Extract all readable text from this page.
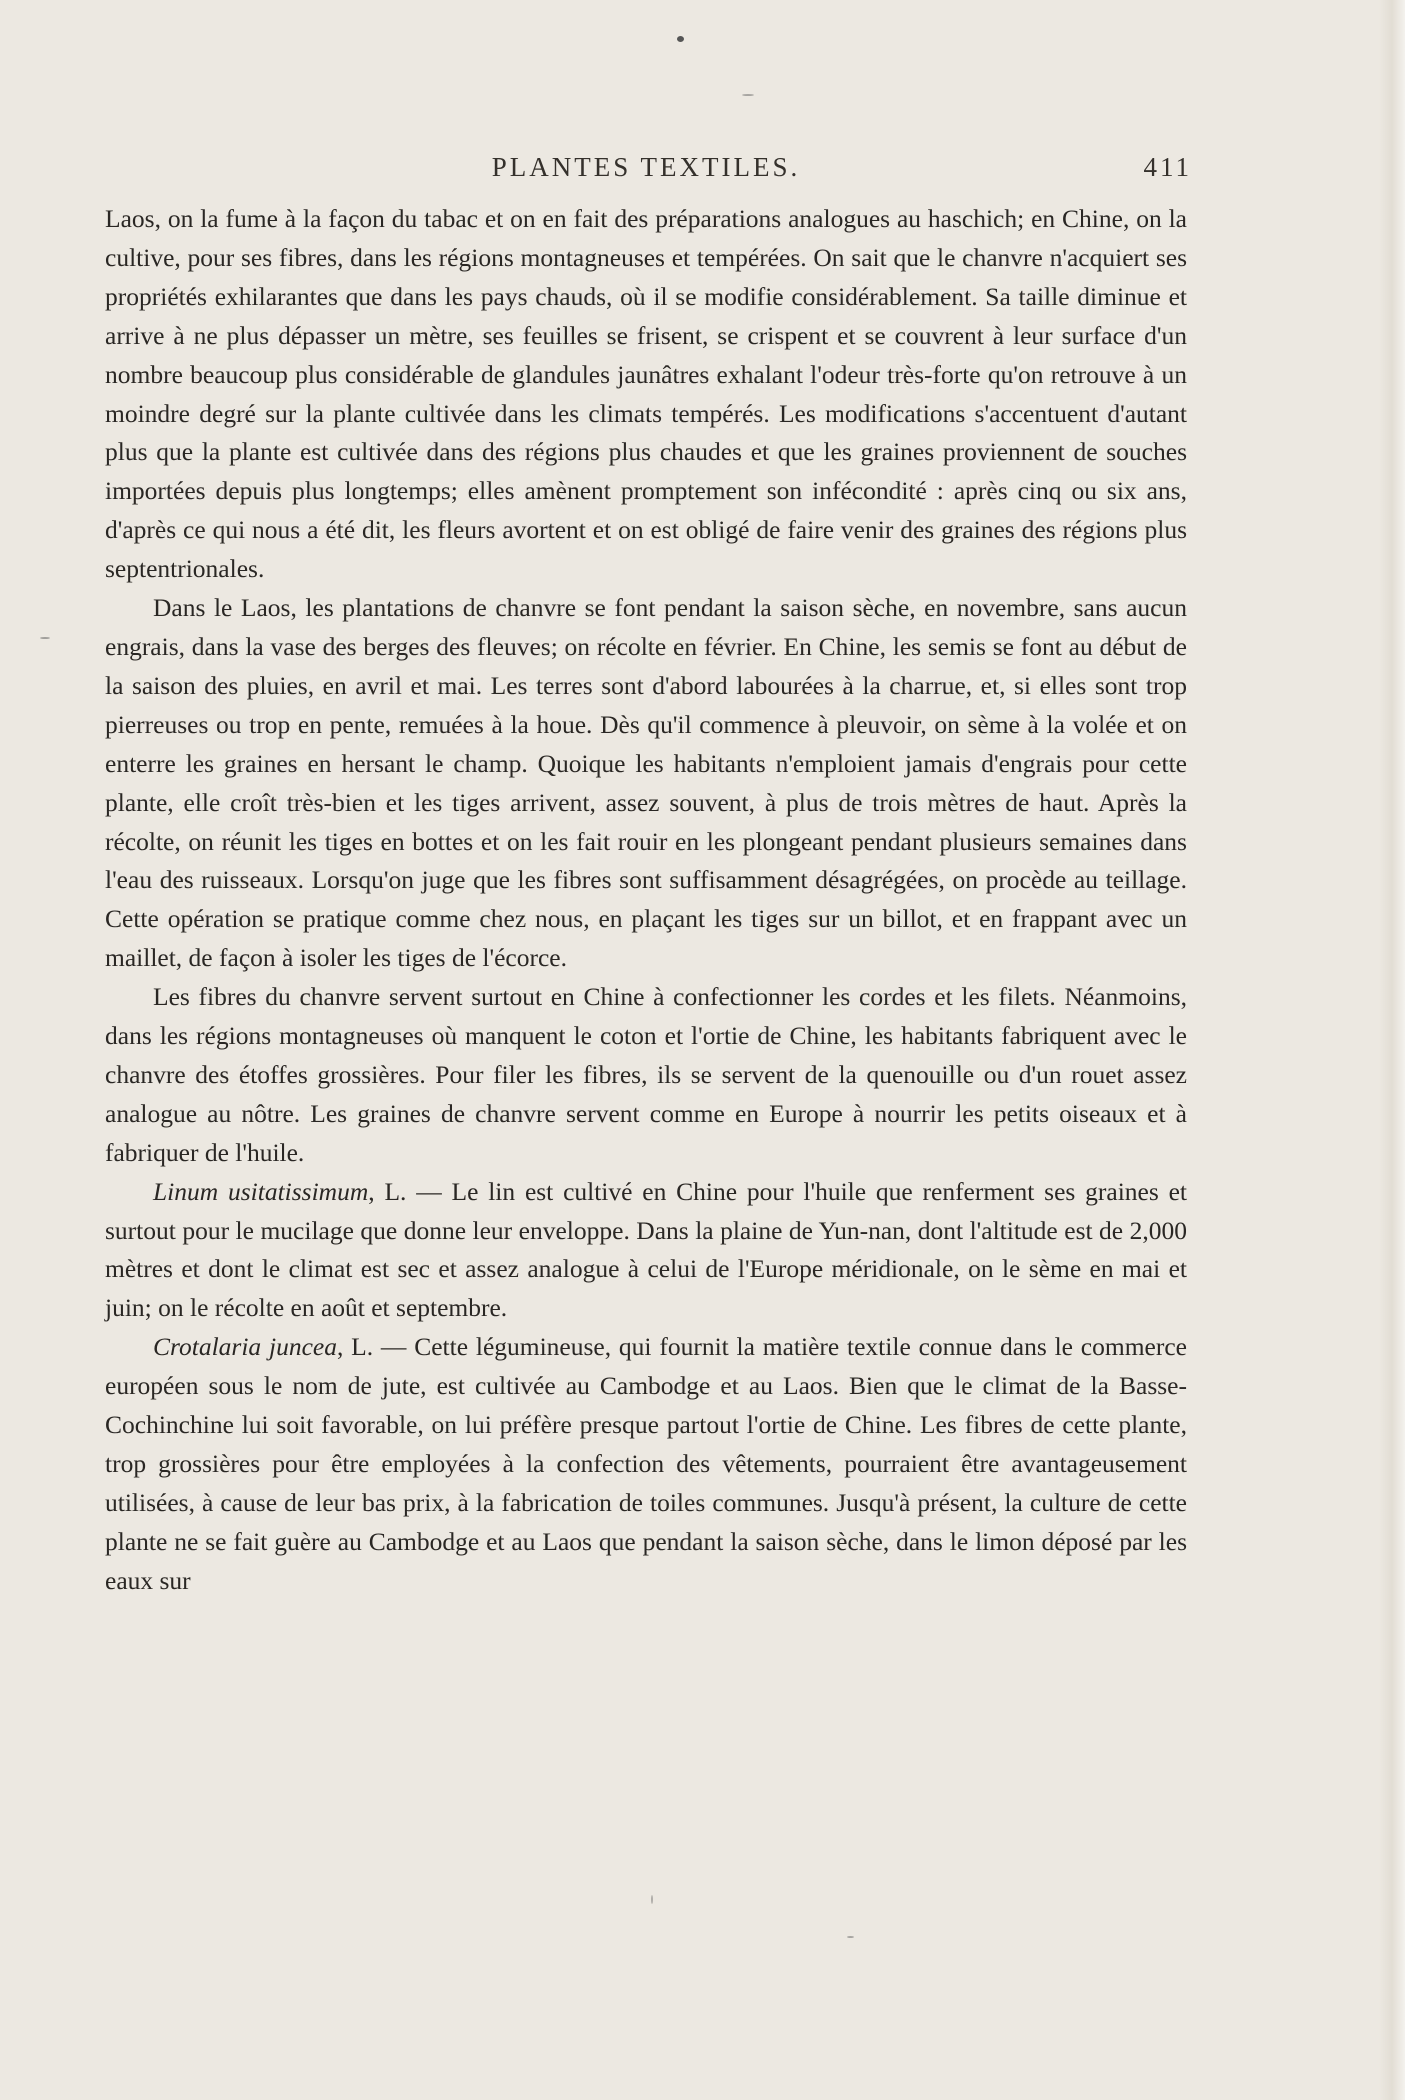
PLANTES TEXTILES.	411

Laos, on la fume à la façon du tabac et on en fait des préparations analogues au haschich; en Chine, on la cultive, pour ses fibres, dans les régions montagneuses et tempérées. On sait que le chanvre n'acquiert ses propriétés exhilarantes que dans les pays chauds, où il se modifie considérablement. Sa taille diminue et arrive à ne plus dépasser un mètre, ses feuilles se frisent, se crispent et se couvrent à leur surface d'un nombre beaucoup plus considérable de glandules jaunâtres exhalant l'odeur très-forte qu'on retrouve à un moindre degré sur la plante cultivée dans les climats tempérés. Les modifications s'accentuent d'autant plus que la plante est cultivée dans des régions plus chaudes et que les graines proviennent de souches importées depuis plus longtemps; elles amènent promptement son infécondité : après cinq ou six ans, d'après ce qui nous a été dit, les fleurs avortent et on est obligé de faire venir des graines des régions plus septentrionales.

Dans le Laos, les plantations de chanvre se font pendant la saison sèche, en novembre, sans aucun engrais, dans la vase des berges des fleuves; on récolte en février. En Chine, les semis se font au début de la saison des pluies, en avril et mai. Les terres sont d'abord labourées à la charrue, et, si elles sont trop pierreuses ou trop en pente, remuées à la houe. Dès qu'il commence à pleuvoir, on sème à la volée et on enterre les graines en hersant le champ. Quoique les habitants n'emploient jamais d'engrais pour cette plante, elle croît très-bien et les tiges arrivent, assez souvent, à plus de trois mètres de haut. Après la récolte, on réunit les tiges en bottes et on les fait rouir en les plongeant pendant plusieurs semaines dans l'eau des ruisseaux. Lorsqu'on juge que les fibres sont suffisamment désagrégées, on procède au teillage. Cette opération se pratique comme chez nous, en plaçant les tiges sur un billot, et en frappant avec un maillet, de façon à isoler les tiges de l'écorce.

Les fibres du chanvre servent surtout en Chine à confectionner les cordes et les filets. Néanmoins, dans les régions montagneuses où manquent le coton et l'ortie de Chine, les habitants fabriquent avec le chanvre des étoffes grossières. Pour filer les fibres, ils se servent de la quenouille ou d'un rouet assez analogue au nôtre. Les graines de chanvre servent comme en Europe à nourrir les petits oiseaux et à fabriquer de l'huile.

Linum usitatissimum, L. — Le lin est cultivé en Chine pour l'huile que renferment ses graines et surtout pour le mucilage que donne leur enveloppe. Dans la plaine de Yun-nan, dont l'altitude est de 2,000 mètres et dont le climat est sec et assez analogue à celui de l'Europe méridionale, on le sème en mai et juin; on le récolte en août et septembre.

Crotalaria juncea, L. — Cette légumineuse, qui fournit la matière textile connue dans le commerce européen sous le nom de jute, est cultivée au Cambodge et au Laos. Bien que le climat de la Basse-Cochinchine lui soit favorable, on lui préfère presque partout l'ortie de Chine. Les fibres de cette plante, trop grossières pour être employées à la confection des vêtements, pourraient être avantageusement utilisées, à cause de leur bas prix, à la fabrication de toiles communes. Jusqu'à présent, la culture de cette plante ne se fait guère au Cambodge et au Laos que pendant la saison sèche, dans le limon déposé par les eaux sur
